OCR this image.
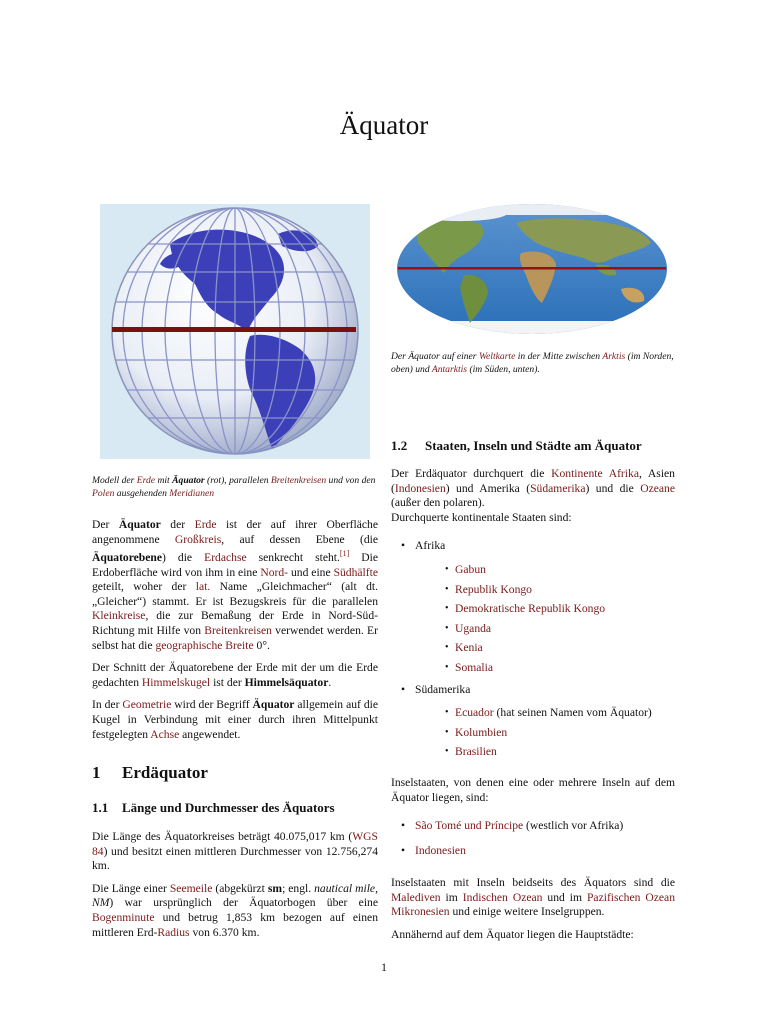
Äquator
Modell der Erde mit Äquator (rot), parallelen Breitenkreisen und von den Polen ausgehenden Meridianen

Der Äquator der Erde ist der auf ihrer Oberfläche angenommene Großkreis, auf dessen Ebene (die Äquatorebene) die Erdachse senkrecht steht.[1] Die Erdoberfläche wird von ihm in eine Nord- und eine Südhälfte geteilt, woher der lat. Name „Gleichmacher“ (alt dt. „Gleicher“) stammt. Er ist Bezugskreis für die parallelen Kleinkreise, die zur Bemaßung der Erde in Nord-Süd-Richtung mit Hilfe von Breitenkreisen verwendet werden. Er selbst hat die geographische Breite 0°.

Der Schnitt der Äquatorebene der Erde mit der um die Erde gedachten Himmelskugel ist der Himmelsäquator.

In der Geometrie wird der Begriff Äquator allgemein auf die Kugel in Verbindung mit einer durch ihren Mittelpunkt festgelegten Achse angewendet.

1 Erdäquator
1.1 Länge und Durchmesser des Äquators

Die Länge des Äquatorkreises beträgt 40.075,017 km (WGS 84) und besitzt einen mittleren Durchmesser von 12.756,274 km.

Die Länge einer Seemeile (abgekürzt sm; engl. nautical mile, NM) war ursprünglich der Äquatorbogen über eine Bogenminute und betrug 1,853 km bezogen auf einen mittleren Erd-Radius von 6.370 km.

Der Äquator auf einer Weltkarte in der Mitte zwischen Arktis (im Norden, oben) und Antarktis (im Süden, unten).
1.2 Staaten, Inseln und Städte am Äquator

Der Erdäquator durchquert die Kontinente Afrika, Asien (Indonesien) und Amerika (Südamerika) und die Ozeane (außer den polaren).
Durchquerte kontinentale Staaten sind:

• Afrika
• Gabun
• Republik Kongo
• Demokratische Republik Kongo
• Uganda
• Kenia
• Somalia
• Südamerika
• Ecuador (hat seinen Namen vom Äquator)
• Kolumbien
• Brasilien

Inselstaaten, von denen eine oder mehrere Inseln auf dem Äquator liegen, sind:

• São Tomé und Príncipe (westlich vor Afrika)
• Indonesien

Inselstaaten mit Inseln beidseits des Äquators sind die Malediven im Indischen Ozean und im Pazifischen Ozean Mikronesien und einige weitere Inselgruppen.

Annähernd auf dem Äquator liegen die Hauptstädte:

1
